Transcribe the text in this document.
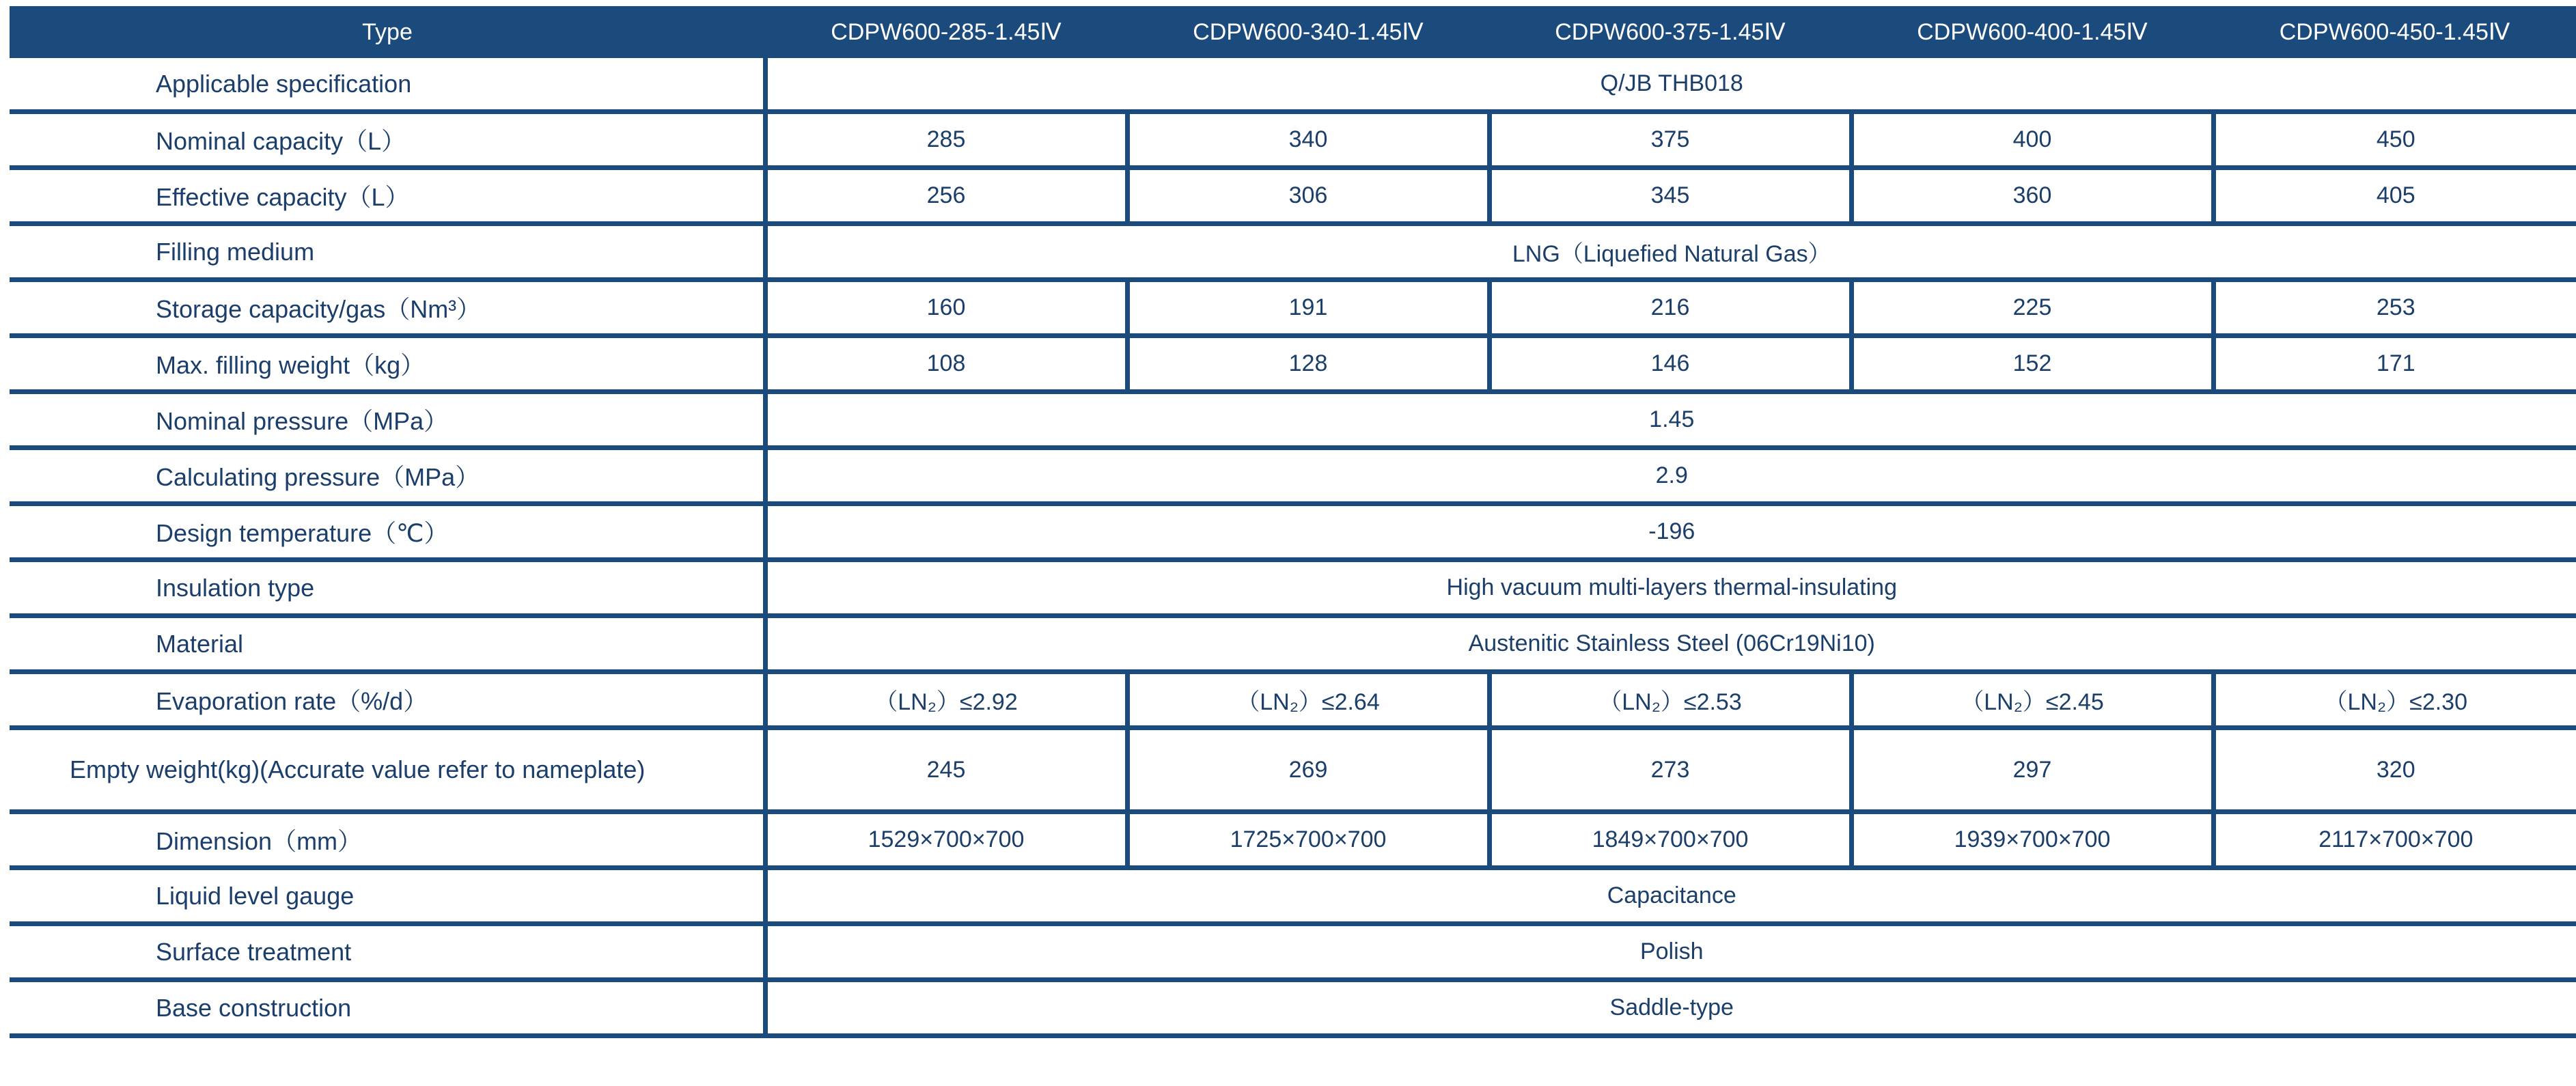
Type	CDPW600-285-1.45Ⅳ	CDPW600-340-1.45Ⅳ	CDPW600-375-1.45Ⅳ	CDPW600-400-1.45Ⅳ	CDPW600-450-1.45Ⅳ
Applicable specification	Q/JB THB018				
Nominal capacity（L）	285	340	375	400	450
Effective capacity（L）	256	306	345	360	405
Filling medium	LNG（Liquefied Natural Gas）				
Storage capacity/gas（Nm³）	160	191	216	225	253
Max. filling weight（kg）	108	128	146	152	171
Nominal pressure（MPa）	1.45				
Calculating pressure（MPa）	2.9				
Design temperature（℃）	-196				
Insulation type	High vacuum multi-layers thermal-insulating				
Material	Austenitic Stainless Steel (06Cr19Ni10)				
Evaporation rate（%/d）	（LN₂）≤2.92	（LN₂）≤2.64	（LN₂）≤2.53	（LN₂）≤2.45	（LN₂）≤2.30
Empty weight(kg)(Accurate value refer to nameplate)	245	269	273	297	320
Dimension（mm）	1529×700×700	1725×700×700	1849×700×700	1939×700×700	2117×700×700
Liquid level gauge	Capacitance				
Surface treatment	Polish				
Base construction	Saddle-type				
